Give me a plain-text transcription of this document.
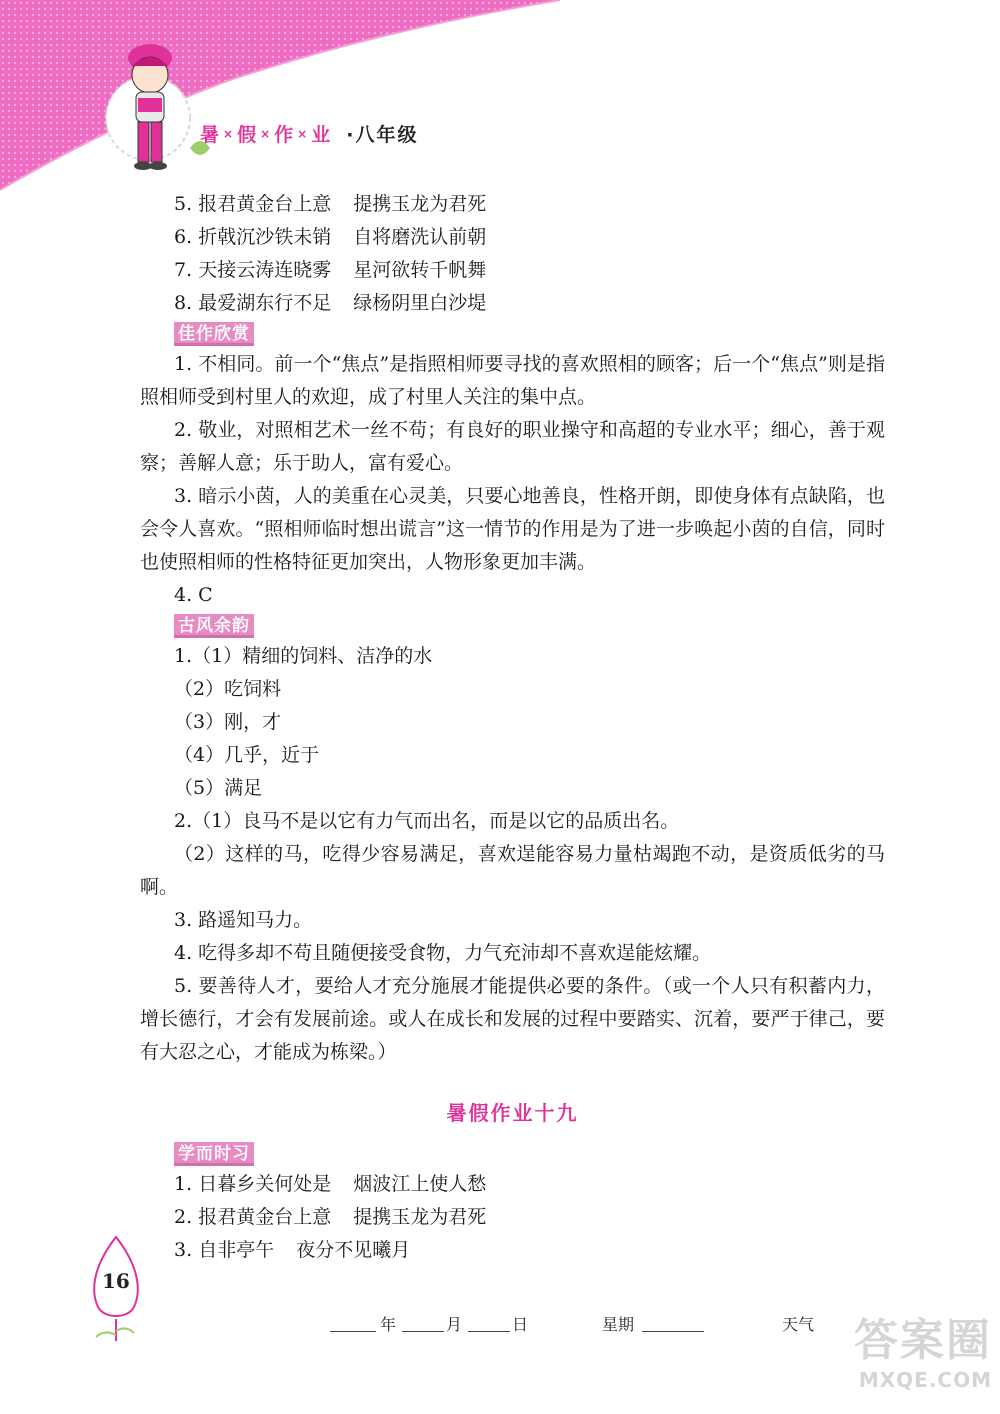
暑 × 假 × 作 × 业 ·八年级

5. 报君黄金台上意 提携玉龙为君死

6. 折戟沉沙铁未销 自将磨洗认前朝

7. 天接云涛连晓雾 星河欲转千帆舞

8. 最爱湖东行不足 绿杨阴里白沙堤

佳作欣赏

1. 不相同。前一个“焦点”是指照相师要寻找的喜欢照相的顾客；后一个“焦点”则是指照相师受到村里人的欢迎，成了村里人关注的集中点。

2. 敬业，对照相艺术一丝不苟；有良好的职业操守和高超的专业水平；细心，善于观察；善解人意；乐于助人，富有爱心。

3. 暗示小茵，人的美重在心灵美，只要心地善良，性格开朗，即使身体有点缺陷，也会令人喜欢。“照相师临时想出谎言”这一情节的作用是为了进一步唤起小茵的自信，同时也使照相师的性格特征更加突出，人物形象更加丰满。

4. C

古风余韵

1.（1）精细的饲料、洁净的水

（2）吃饲料

（3）刚，才

（4）几乎，近于

（5）满足

2.（1）良马不是以它有力气而出名，而是以它的品质出名。

（2）这样的马，吃得少容易满足，喜欢逞能容易力量枯竭跑不动，是资质低劣的马啊。

3. 路遥知马力。

4. 吃得多却不苟且随便接受食物，力气充沛却不喜欢逞能炫耀。

5. 要善待人才，要给人才充分施展才能提供必要的条件。（或一个人只有积蓄内力，增长德行，才会有发展前途。或人在成长和发展的过程中要踏实、沉着，要严于律己，要有大忍之心，才能成为栋梁。）

暑假作业十九
学而时习

1. 日暮乡关何处是 烟波江上使人愁

2. 报君黄金台上意 提携玉龙为君死

3. 自非亭午 夜分不见曦月

16
年	月	日	星期	天气 答案圈
MXQE.COM
